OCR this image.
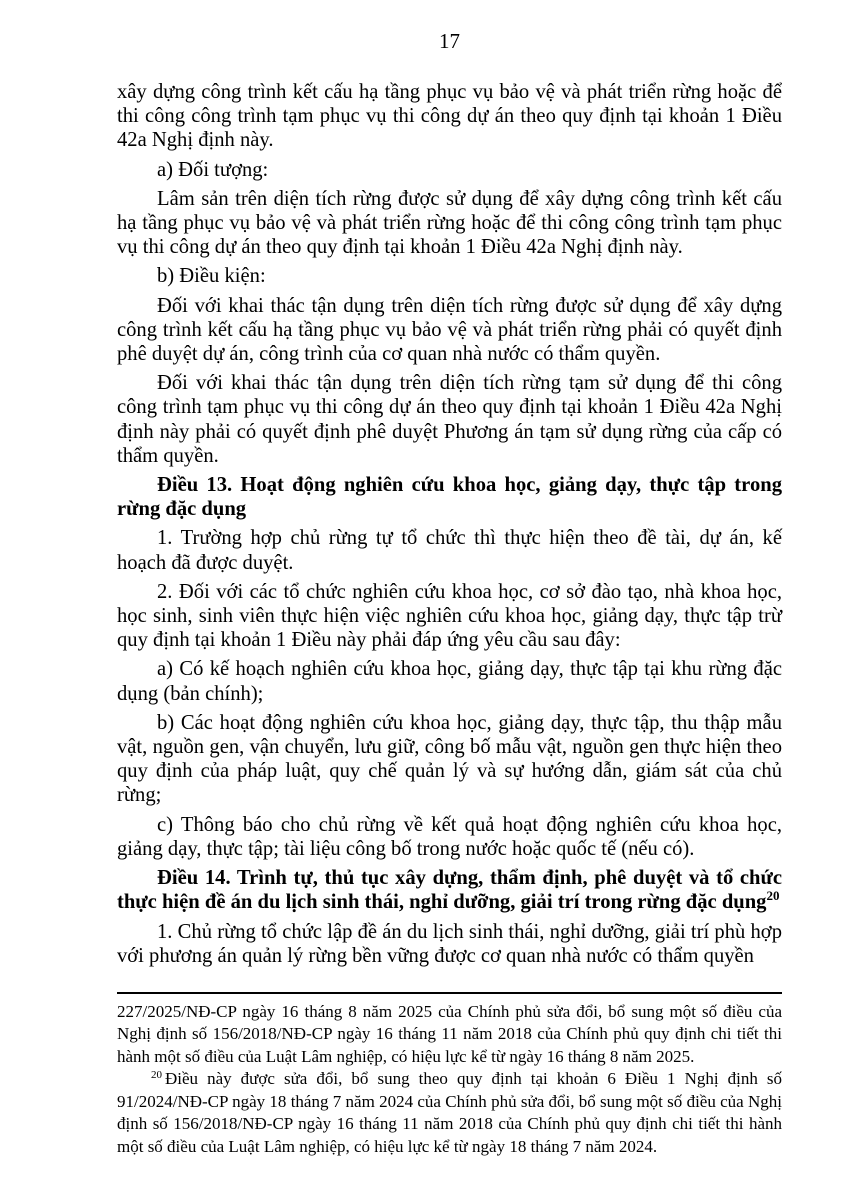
17

xây dựng công trình kết cấu hạ tầng phục vụ bảo vệ và phát triển rừng hoặc để thi công công trình tạm phục vụ thi công dự án theo quy định tại khoản 1 Điều 42a Nghị định này.

a) Đối tượng:

Lâm sản trên diện tích rừng được sử dụng để xây dựng công trình kết cấu hạ tầng phục vụ bảo vệ và phát triển rừng hoặc để thi công công trình tạm phục vụ thi công dự án theo quy định tại khoản 1 Điều 42a Nghị định này.

b) Điều kiện:

Đối với khai thác tận dụng trên diện tích rừng được sử dụng để xây dựng công trình kết cấu hạ tầng phục vụ bảo vệ và phát triển rừng phải có quyết định phê duyệt dự án, công trình của cơ quan nhà nước có thẩm quyền.

Đối với khai thác tận dụng trên diện tích rừng tạm sử dụng để thi công công trình tạm phục vụ thi công dự án theo quy định tại khoản 1 Điều 42a Nghị định này phải có quyết định phê duyệt Phương án tạm sử dụng rừng của cấp có thẩm quyền.

Điều 13. Hoạt động nghiên cứu khoa học, giảng dạy, thực tập trong rừng đặc dụng

1. Trường hợp chủ rừng tự tổ chức thì thực hiện theo đề tài, dự án, kế hoạch đã được duyệt.

2. Đối với các tổ chức nghiên cứu khoa học, cơ sở đào tạo, nhà khoa học, học sinh, sinh viên thực hiện việc nghiên cứu khoa học, giảng dạy, thực tập trừ quy định tại khoản 1 Điều này phải đáp ứng yêu cầu sau đây:

a) Có kế hoạch nghiên cứu khoa học, giảng dạy, thực tập tại khu rừng đặc dụng (bản chính);

b) Các hoạt động nghiên cứu khoa học, giảng dạy, thực tập, thu thập mẫu vật, nguồn gen, vận chuyển, lưu giữ, công bố mẫu vật, nguồn gen thực hiện theo quy định của pháp luật, quy chế quản lý và sự hướng dẫn, giám sát của chủ rừng;

c) Thông báo cho chủ rừng về kết quả hoạt động nghiên cứu khoa học, giảng dạy, thực tập; tài liệu công bố trong nước hoặc quốc tế (nếu có).

Điều 14. Trình tự, thủ tục xây dựng, thẩm định, phê duyệt và tổ chức thực hiện đề án du lịch sinh thái, nghỉ dưỡng, giải trí trong rừng đặc dụng$^{20}$

1. Chủ rừng tổ chức lập đề án du lịch sinh thái, nghỉ dưỡng, giải trí phù hợp với phương án quản lý rừng bền vững được cơ quan nhà nước có thẩm quyền

227/2025/NĐ-CP ngày 16 tháng 8 năm 2025 của Chính phủ sửa đổi, bổ sung một số điều của Nghị định số 156/2018/NĐ-CP ngày 16 tháng 11 năm 2018 của Chính phủ quy định chi tiết thi hành một số điều của Luật Lâm nghiệp, có hiệu lực kể từ ngày 16 tháng 8 năm 2025.

$^{20}$ Điều này được sửa đổi, bổ sung theo quy định tại khoản 6 Điều 1 Nghị định số 91/2024/NĐ-CP ngày 18 tháng 7 năm 2024 của Chính phủ sửa đổi, bổ sung một số điều của Nghị định số 156/2018/NĐ-CP ngày 16 tháng 11 năm 2018 của Chính phủ quy định chi tiết thi hành một số điều của Luật Lâm nghiệp, có hiệu lực kể từ ngày 18 tháng 7 năm 2024.
